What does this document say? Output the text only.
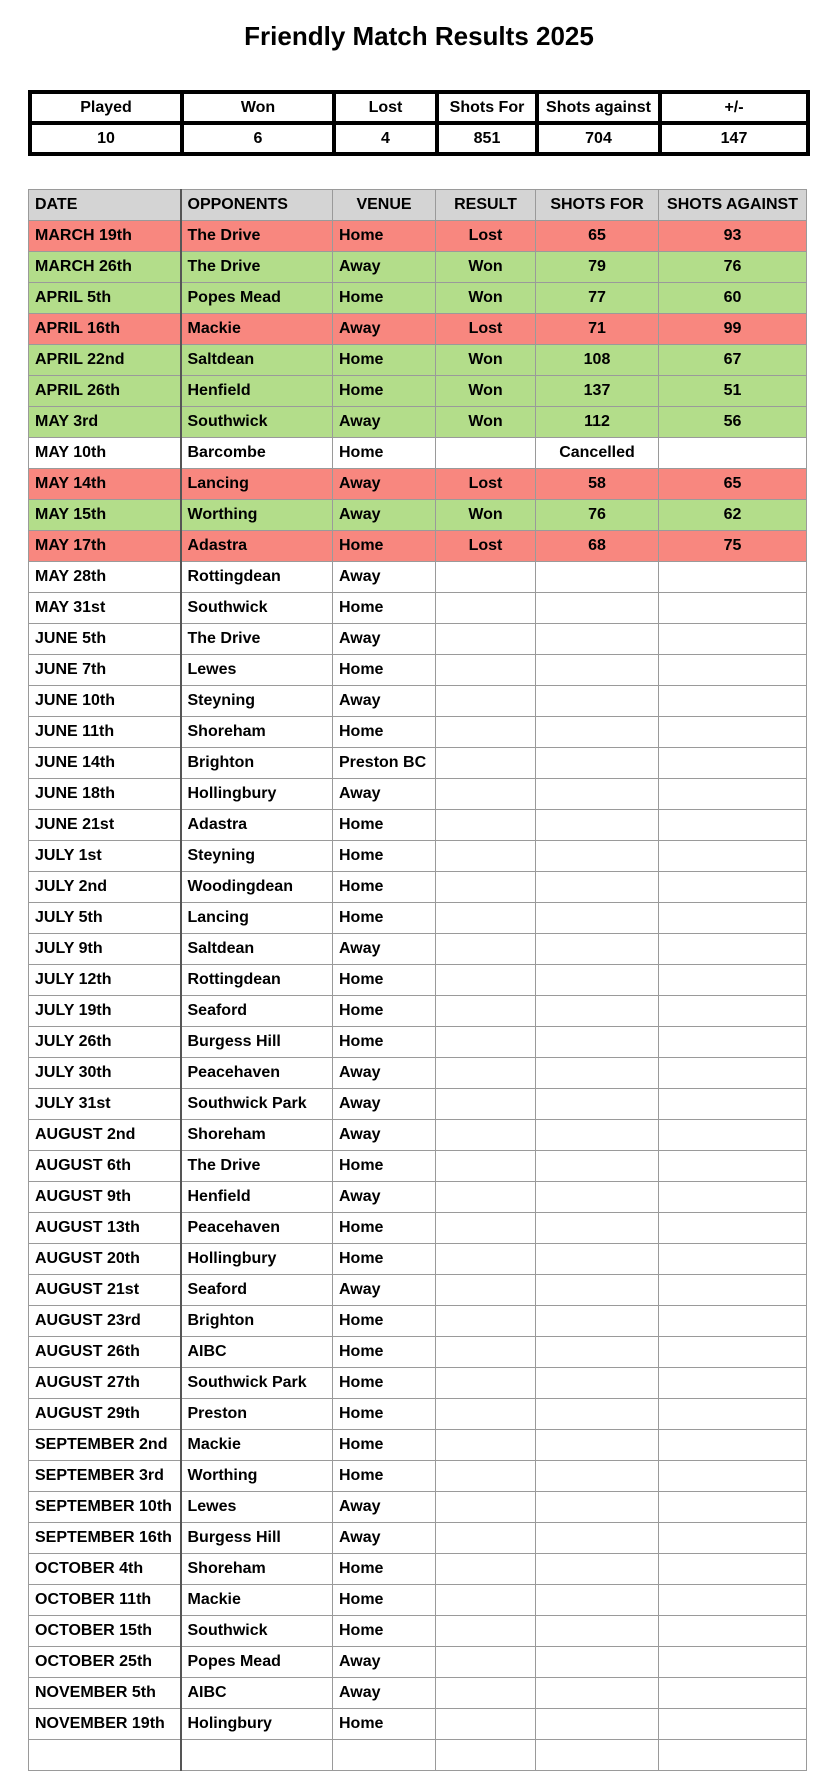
Friendly Match Results 2025
Played	Won	Lost	Shots For	Shots against	+/-
10	6	4	851	704	147
DATE	OPPONENTS	VENUE	RESULT	SHOTS FOR	SHOTS AGAINST
MARCH 19th	The Drive	Home	Lost	65	93
MARCH 26th	The Drive	Away	Won	79	76
APRIL 5th	Popes Mead	Home	Won	77	60
APRIL 16th	Mackie	Away	Lost	71	99
APRIL 22nd	Saltdean	Home	Won	108	67
APRIL 26th	Henfield	Home	Won	137	51
MAY 3rd	Southwick	Away	Won	112	56
MAY 10th	Barcombe	Home		Cancelled	
MAY 14th	Lancing	Away	Lost	58	65
MAY 15th	Worthing	Away	Won	76	62
MAY 17th	Adastra	Home	Lost	68	75
MAY 28th	Rottingdean	Away			
MAY 31st	Southwick	Home			
JUNE 5th	The Drive	Away			
JUNE 7th	Lewes	Home			
JUNE 10th	Steyning	Away			
JUNE 11th	Shoreham	Home			
JUNE 14th	Brighton	Preston BC			
JUNE 18th	Hollingbury	Away			
JUNE 21st	Adastra	Home			
JULY 1st	Steyning	Home			
JULY 2nd	Woodingdean	Home			
JULY 5th	Lancing	Home			
JULY 9th	Saltdean	Away			
JULY 12th	Rottingdean	Home			
JULY 19th	Seaford	Home			
JULY 26th	Burgess Hill	Home			
JULY 30th	Peacehaven	Away			
JULY 31st	Southwick Park	Away			
AUGUST 2nd	Shoreham	Away			
AUGUST 6th	The Drive	Home			
AUGUST 9th	Henfield	Away			
AUGUST 13th	Peacehaven	Home			
AUGUST 20th	Hollingbury	Home			
AUGUST 21st	Seaford	Away			
AUGUST 23rd	Brighton	Home			
AUGUST 26th	AIBC	Home			
AUGUST 27th	Southwick Park	Home			
AUGUST 29th	Preston	Home			
SEPTEMBER 2nd	Mackie	Home			
SEPTEMBER 3rd	Worthing	Home			
SEPTEMBER 10th	Lewes	Away			
SEPTEMBER 16th	Burgess Hill	Away			
OCTOBER 4th	Shoreham	Home			
OCTOBER 11th	Mackie	Home			
OCTOBER 15th	Southwick	Home			
OCTOBER 25th	Popes Mead	Away			
NOVEMBER 5th	AIBC	Away			
NOVEMBER 19th	Holingbury	Home			
